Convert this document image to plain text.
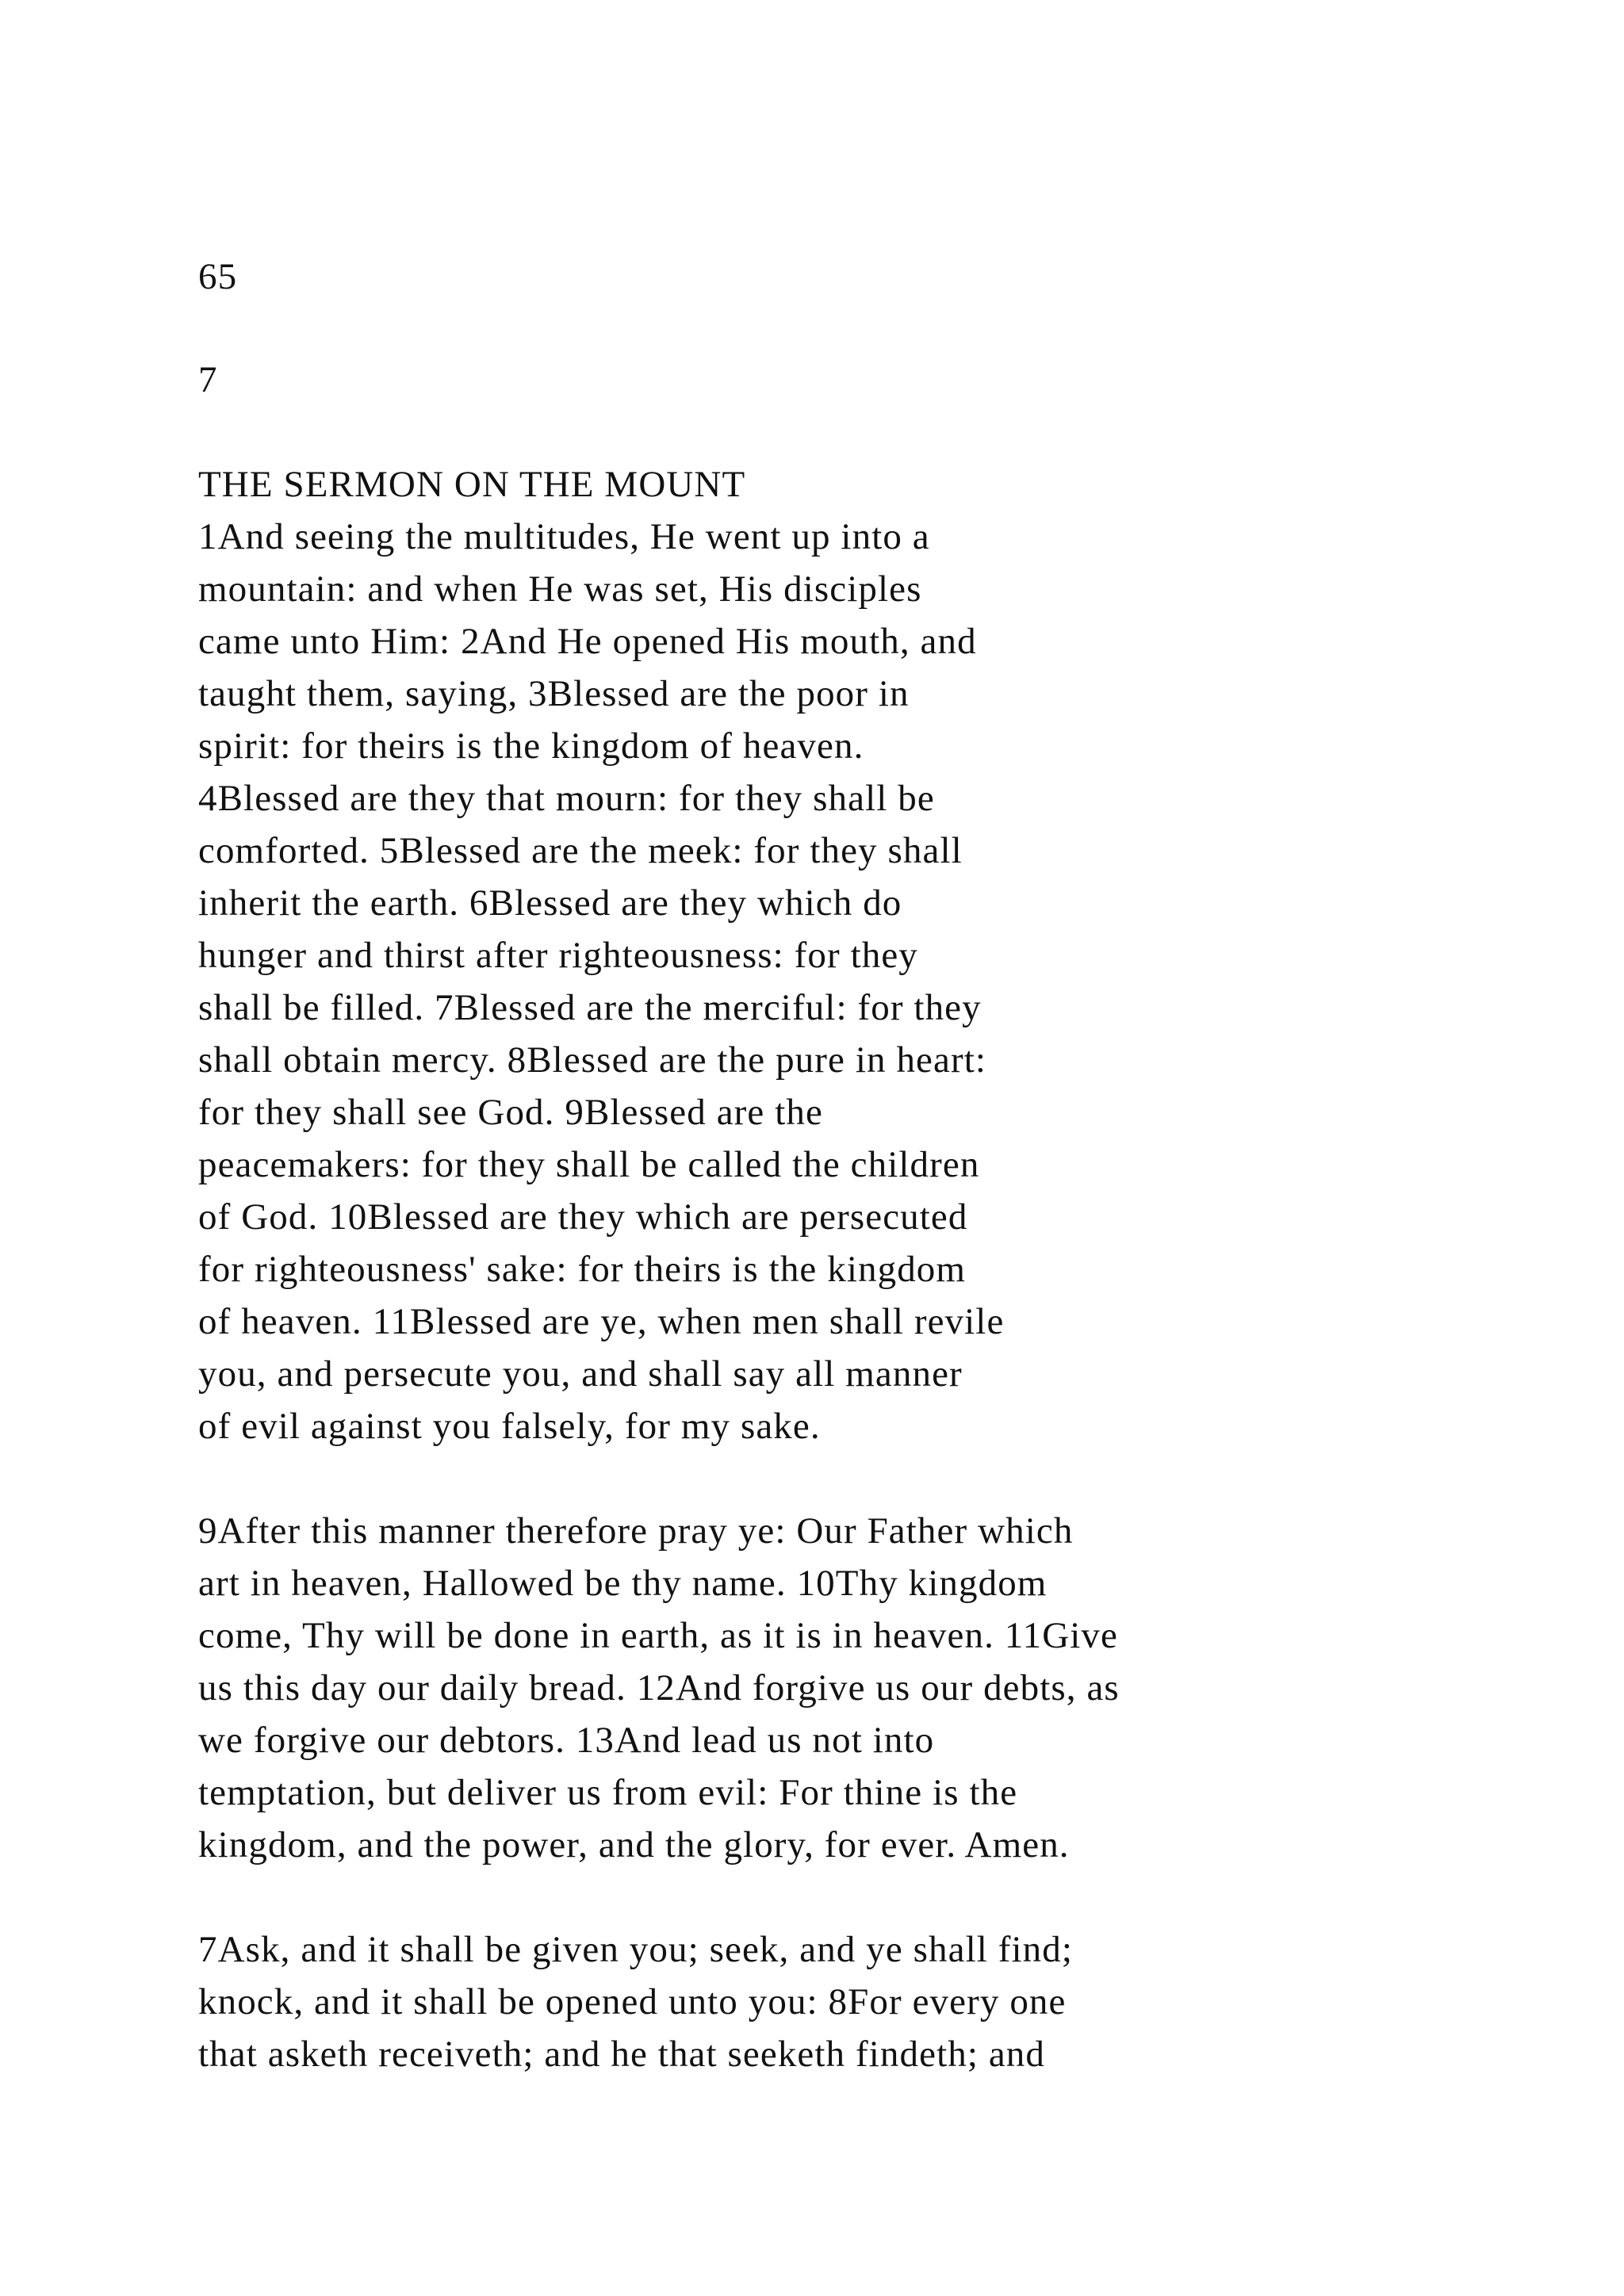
65
7
THE SERMON ON THE MOUNT
1And seeing the multitudes, He went up into a
mountain: and when He was set, His disciples
came unto Him: 2And He opened His mouth, and
taught them, saying, 3Blessed are the poor in
spirit: for theirs is the kingdom of heaven.
4Blessed are they that mourn: for they shall be
comforted. 5Blessed are the meek: for they shall
inherit the earth. 6Blessed are they which do
hunger and thirst after righteousness: for they
shall be filled. 7Blessed are the merciful: for they
shall obtain mercy. 8Blessed are the pure in heart:
for they shall see God. 9Blessed are the
peacemakers: for they shall be called the children
of God. 10Blessed are they which are persecuted
for righteousness' sake: for theirs is the kingdom
of heaven. 11Blessed are ye, when men shall revile
you, and persecute you, and shall say all manner
of evil against you falsely, for my sake.
9After this manner therefore pray ye: Our Father which
art in heaven, Hallowed be thy name. 10Thy kingdom
come, Thy will be done in earth, as it is in heaven. 11Give
us this day our daily bread. 12And forgive us our debts, as
we forgive our debtors. 13And lead us not into
temptation, but deliver us from evil: For thine is the
kingdom, and the power, and the glory, for ever. Amen.
7Ask, and it shall be given you; seek, and ye shall find;
knock, and it shall be opened unto you: 8For every one
that asketh receiveth; and he that seeketh findeth; and
